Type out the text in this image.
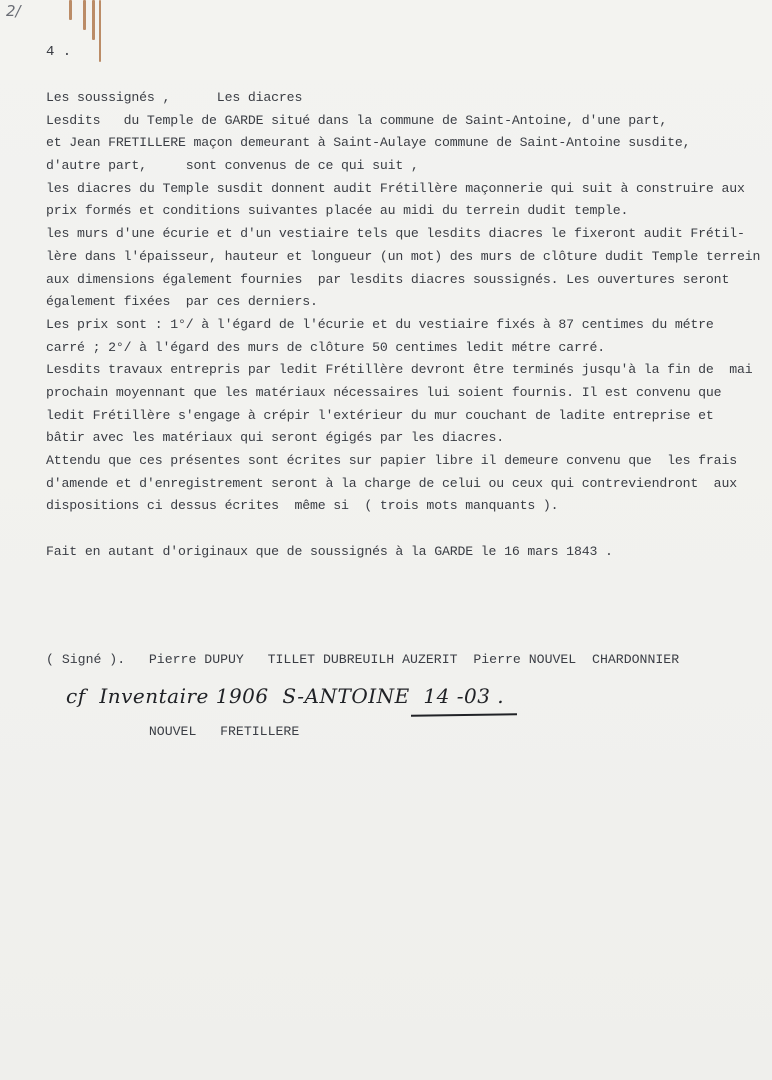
2/
4 .
Les soussignés ,      Les diacres
Lesdits   du Temple de GARDE situé dans la commune de Saint-Antoine, d'une part,
et Jean FRETILLERE maçon demeurant à Saint-Aulaye commune de Saint-Antoine susdite,
d'autre part,     sont convenus de ce qui suit ,
les diacres du Temple susdit donnent audit Frétillère maçonnerie qui suit à construire aux
prix formés et conditions suivantes placée au midi du terrein dudit temple.
les murs d'une écurie et d'un vestiaire tels que lesdits diacres le fixeront audit Frétil-
lère dans l'épaisseur, hauteur et longueur (un mot) des murs de clôture dudit Temple terrein
aux dimensions également fournies  par lesdits diacres soussignés. Les ouvertures seront
également fixées  par ces derniers.
Les prix sont : 1°/ à l'égard de l'écurie et du vestiaire fixés à 87 centimes du métre
carré ; 2°/ à l'égard des murs de clôture 50 centimes ledit métre carré.
Lesdits travaux entrepris par ledit Frétillère devront être terminés jusqu'à la fin de  mai
prochain moyennant que les matériaux nécessaires lui soient fournis. Il est convenu que
ledit Frétillère s'engage à crépir l'extérieur du mur couchant de ladite entreprise et
bâtir avec les matériaux qui seront égigés par les diacres.
Attendu que ces présentes sont écrites sur papier libre il demeure convenu que  les frais
d'amende et d'enregistrement seront à la charge de celui ou ceux qui contreviendront  aux
dispositions ci dessus écrites  même si  ( trois mots manquants ).
Fait en autant d'originaux que de soussignés à la GARDE le 16 mars 1843 .

( Signé ).   Pierre DUPUY   TILLET DUBREUILH AUZERIT  Pierre NOUVEL  CHARDONNIER

NOUVEL   FRETILLERE

cf  Inventaire 1906  S-ANTOINE  14 -03 .
